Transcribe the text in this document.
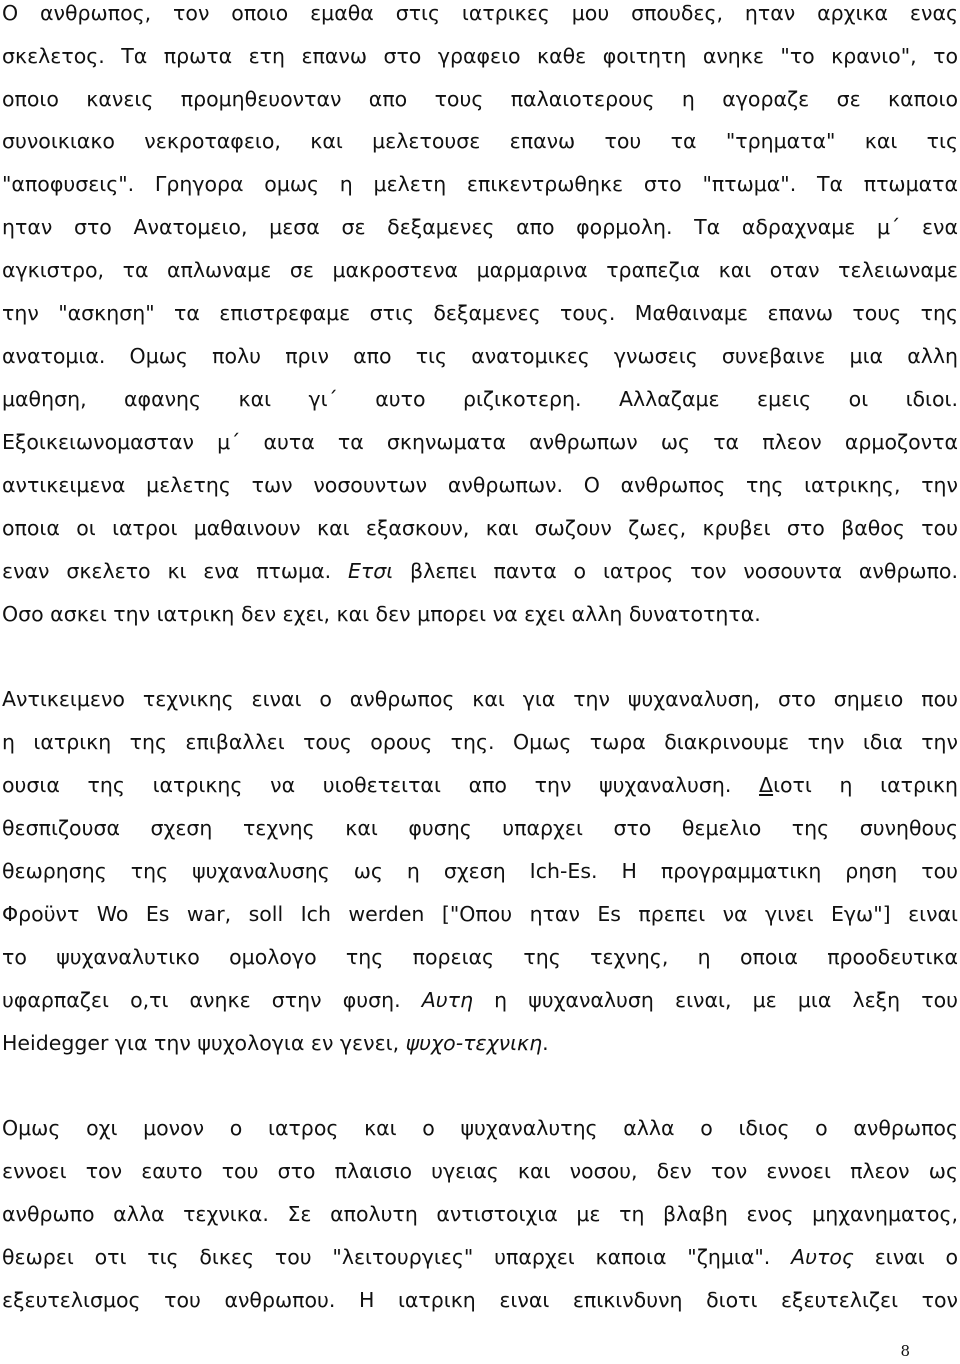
Ο ανθρωπος, τον οποιο εμαθα στις ιατρικες μου σπουδες, ηταν αρχικα ενας

σκελετος. Τα πρωτα ετη επανω στο γραφειο καθε φοιτητη ανηκε "το κρανιο", το

οποιο κανεις προμηθευονταν απο τους παλαιοτερους η αγοραζε σε καποιο

συνοικιακο νεκροταφειο, και μελετουσε επανω του τα "τρηματα" και τις

"αποφυσεις". Γρηγορα ομως η μελετη επικεντρωθηκε στο "πτωμα". Τα πτωματα

ηταν στο Ανατομειο, μεσα σε δεξαμενες απο φορμολη. Τα αδραχναμε μ΄ ενα

αγκιστρο, τα απλωναμε σε μακροστενα μαρμαρινα τραπεζια και οταν τελειωναμε

την "ασκηση" τα επιστρεφαμε στις δεξαμενες τους. Μαθαιναμε επανω τους της

ανατομια. Ομως πολυ πριν απο τις ανατομικες γνωσεις συνεβαινε μια αλλη

μαθηση, αφανης και γι΄ αυτο ριζικοτερη. Αλλαζαμε εμεις οι ιδιοι.

Εξοικειωνομασταν μ΄ αυτα τα σκηνωματα ανθρωπων ως τα πλεον αρμοζοντα

αντικειμενα μελετης των νοσουντων ανθρωπων. Ο ανθρωπος της ιατρικης, την

οποια οι ιατροι μαθαινουν και εξασκουν, και σωζουν ζωες, κρυβει στο βαθος του

εναν σκελετο κι ενα πτωμα. Ετσι βλεπει παντα ο ιατρος τον νοσουντα ανθρωπο.

Οσο ασκει την ιατρικη δεν εχει, και δεν μπορει να εχει αλλη δυνατοτητα.

Αντικειμενο τεχνικης ειναι ο ανθρωπος και για την ψυχαναλυση, στο σημειο που

η ιατρικη της επιβαλλει τους ορους της. Ομως τωρα διακρινουμε την ιδια την

ουσια της ιατρικης να υιοθετειται απο την ψυχαναλυση. Διοτι η ιατρικη

θεσπιζουσα σχεση τεχνης και φυσης υπαρχει στο θεμελιο της συνηθους

θεωρησης της ψυχαναλυσης ως η σχεση Ich-Es. Η προγραμματικη ρηση του

Φροϋντ Wo Es war, soll Ich werden ["Οπου ηταν Es πρεπει να γινει Εγω"] ειναι

το ψυχαναλυτικο ομολογο της πορειας της τεχνης, η οποια προοδευτικα

υφαρπαζει ο,τι ανηκε στην φυση. Αυτη η ψυχαναλυση ειναι, με μια λεξη του

Heidegger για την ψυχολογια εν γενει, ψυχο-τεχνικη.

Ομως οχι μονον ο ιατρος και ο ψυχαναλυτης αλλα ο ιδιος ο ανθρωπος

εννοει τον εαυτο του στο πλαισιο υγειας και νοσου, δεν τον εννοει πλεον ως

ανθρωπο αλλα τεχνικα. Σε απολυτη αντιστοιχια με τη βλαβη ενος μηχανηματος,

θεωρει οτι τις δικες του "λειτουργιες" υπαρχει καποια "ζημια". Αυτος ειναι ο

εξευτελισμος του ανθρωπου. Η ιατρικη ειναι επικινδυνη διοτι εξευτελιζει τον

8
